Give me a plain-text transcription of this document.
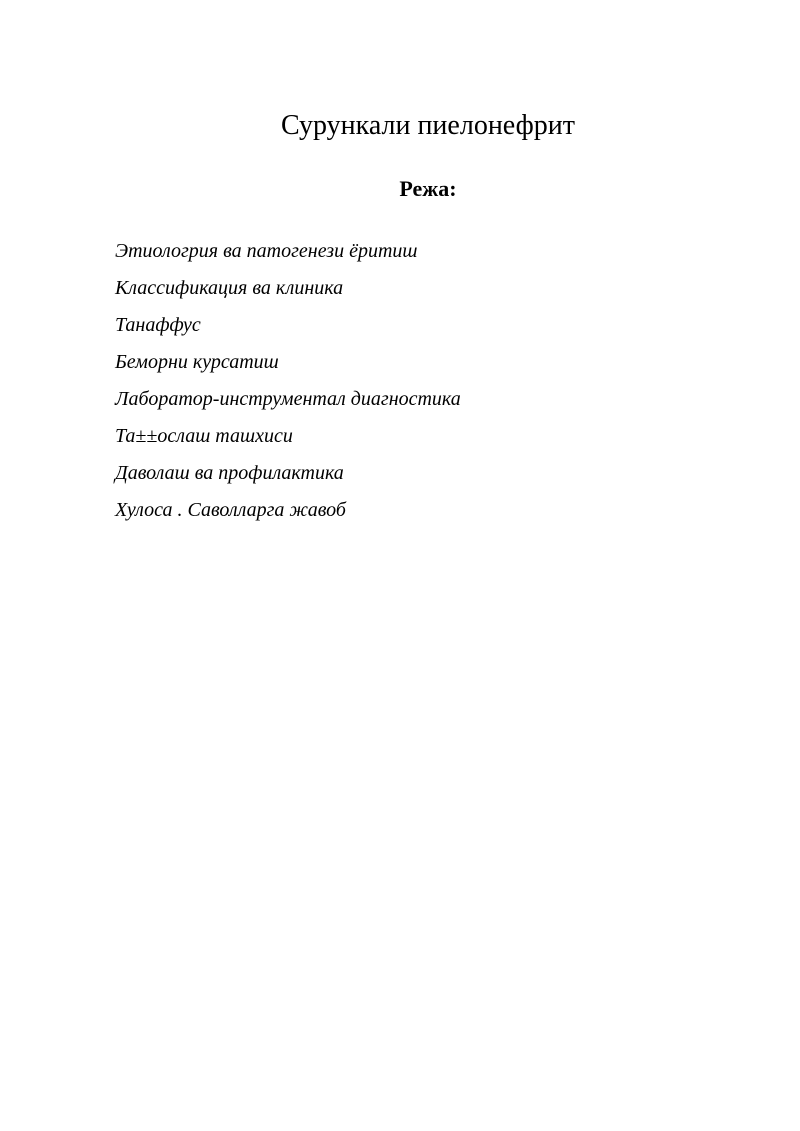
Сурункали пиелонефрит
Режа:
Этиологрия ва патогенези ёритиш
Классификация ва клиника
Танаффус
Беморни курсатиш
Лаборатор-инструментал диагностика
Та±±ослаш ташхиси
Даволаш ва профилактика
Хулоса . Саволларга жавоб
